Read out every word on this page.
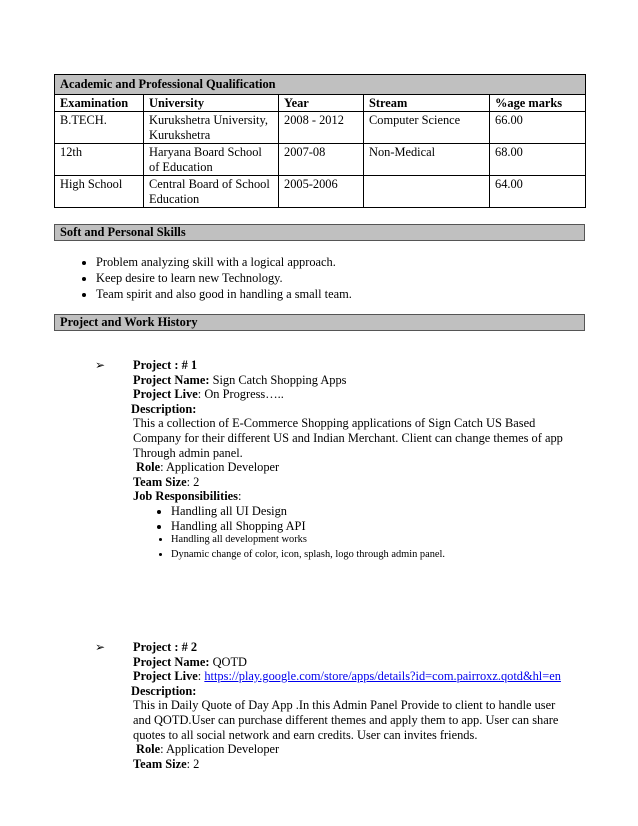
Academic and Professional Qualification				
Examination	University	Year	Stream	%age marks
B.TECH.	Kurukshetra University, Kurukshetra	2008 - 2012	Computer Science	66.00
12th	Haryana Board School of Education	2007-08	Non-Medical	68.00
High School	Central Board of School Education	2005-2006		64.00
Soft and Personal Skills
• Problem analyzing skill with a logical approach.
• Keep desire to learn new Technology.
• Team spirit and also good in handling a small team.
Project and Work History
➢ Project : # 1
Project Name: Sign Catch Shopping Apps
Project Live: On Progress…..
Description:
This a collection of E-Commerce Shopping applications of Sign Catch US Based
Company for their different US and Indian Merchant. Client can change themes of app
Through admin panel.
Role: Application Developer
Team Size: 2
Job Responsibilities:
• Handling all UI Design
• Handling all Shopping API
• Handling all development works
• Dynamic change of color, icon, splash, logo through admin panel.
➢ Project : # 2
Project Name: QOTD
Project Live: https://play.google.com/store/apps/details?id=com.pairroxz.qotd&hl=en
Description:
This in Daily Quote of Day App .In this Admin Panel Provide to client to handle user
and QOTD.User can purchase different themes and apply them to app. User can share
quotes to all social network and earn credits. User can invites friends.
Role: Application Developer
Team Size: 2
